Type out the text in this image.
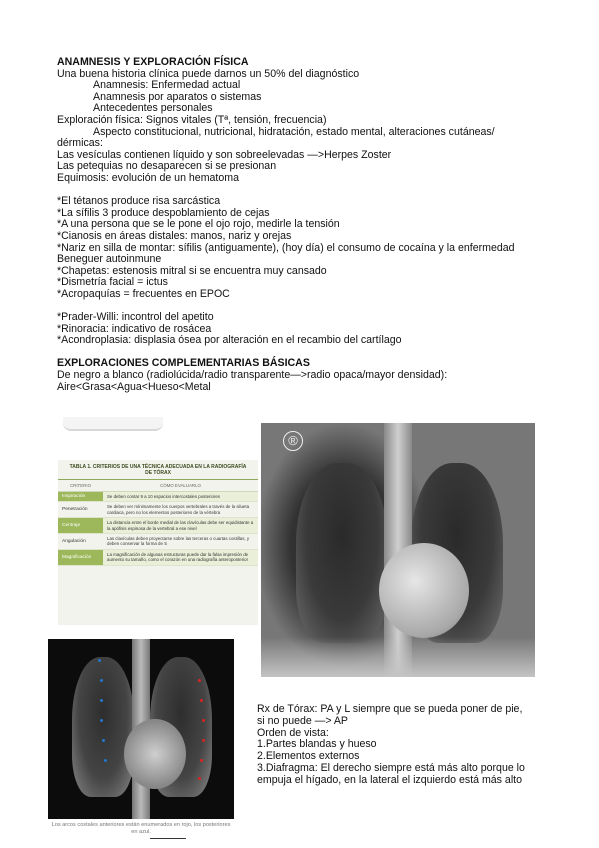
ANAMNESIS Y EXPLORACIÓN FÍSICA

Una buena historia clínica puede darnos un 50% del diagnóstico

Anamnesis: Enfermedad actual

Anamnesis por aparatos o sistemas

Antecedentes personales

Exploración física: Signos vitales (Tª, tensión, frecuencia)

Aspecto constitucional, nutricional, hidratación, estado mental, alteraciones cutáneas/

dérmicas:

Las vesículas contienen líquido y son sobreelevadas —>Herpes Zoster

Las petequias no desaparecen si se presionan

Equimosis: evolución de un hematoma

*El tétanos produce risa sarcástica

*La sífilis 3 produce despoblamiento de cejas

*A una persona que se le pone el ojo rojo, medirle la tensión

*Cianosis en áreas distales: manos, nariz y orejas

*Nariz en silla de montar: sífilis (antiguamente), (hoy día) el consumo de cocaína y la enfermedad

Beneguer autoinmune

*Chapetas: estenosis mitral si se encuentra muy cansado

*Dismetría facial = ictus

*Acropaquías = frecuentes en EPOC

*Prader-Willi: incontrol del apetito

*Rinoracia: indicativo de rosácea

*Acondroplasia: displasia ósea por alteración en el recambio del cartílago

EXPLORACIONES COMPLEMENTARIAS BÁSICAS

De negro a blanco (radiolúcida/radio transparente—>radio opaca/mayor densidad):

Aire<Grasa<Agua<Hueso<Metal

TABLA 1. CRITERIOS DE UNA TÉCNICA ADECUADA EN LA RADIOGRAFÍA DE TÓRAX
CRITERIO	CÓMO EVALUARLO
Inspiración	Se deben contar 9 a 10 espacios intercostales posteriores
Penetración
Se deben ver mínimamente los cuerpos vertebrales a través de la silueta cardiaca, pero no los elementos posteriores de la vértebra
Centraje
La distancia entre el borde medial de las clavículas debe ser equidistante a la apófisis espinosa de la vertebral a ese nivel
Angulación
Las clavículas deben proyectarse sobre las terceras o cuartas costillas, y deben conservar la forma de S
Magnificación
La magnificación de algunas estructuras puede dar la falsa impresión de aumento su tamaño, como el corazón en una radiografía anteroposterior
®
Los arcos costales anteriores están enumerados en rojo, los posteriores en azul.

Rx de Tórax: PA y L siempre que se pueda poner de pie,

si no puede —> AP

Orden de vista:

1.Partes blandas y hueso

2.Elementos externos

3.Diafragma: El derecho siempre está más alto porque lo

empuja el hígado, en la lateral el izquierdo está más alto
